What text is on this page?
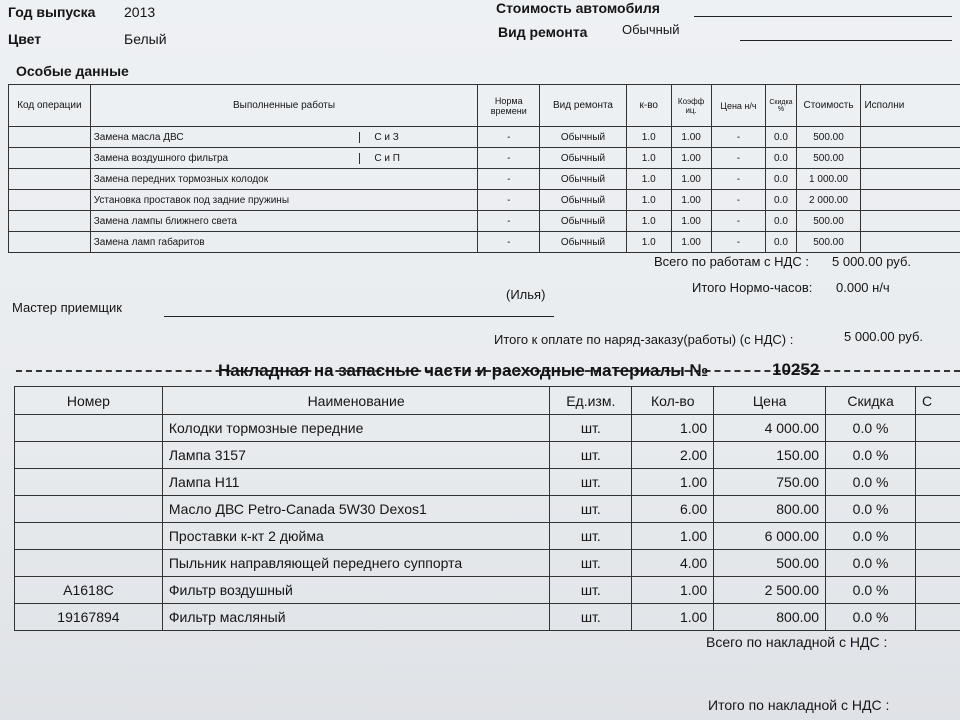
Год выпуска 2013
Цвет	Белый
Стоимость автомобиля
Вид ремонта	Обычный
Особые данные
Код операции	Выполненные работы	Норма времени	Вид ремонта	к-во	Коэфф иц.	Цена н/ч	Скидка %	Стоимость	Исполни
	Замена масла ДВС С и З	-	Обычный	1.0	1.00	-	0.0	500.00	
	Замена воздушного фильтра С и П	-	Обычный	1.0	1.00	-	0.0	500.00	
	Замена передних тормозных колодок	-	Обычный	1.0	1.00	-	0.0	1 000.00	
	Установка проставок под задние пружины	-	Обычный	1.0	1.00	-	0.0	2 000.00	
	Замена лампы ближнего света	-	Обычный	1.0	1.00	-	0.0	500.00	
	Замена ламп габаритов	-	Обычный	1.0	1.00	-	0.0	500.00	
Всего по работам с НДС : 5 000.00 руб.
Итого Нормо-часов: 0.000 н/ч
Мастер приемщик
(Илья)
Итого к оплате по наряд-заказу(работы) (с НДС) :	5 000.00 руб.
Накладная на запасные части и расходные материалы №	10252
Номер	Наименование	Ед.изм.	Кол-во	Цена	Скидка	С
	Колодки тормозные передние	шт.	1.00	4 000.00	0.0 %	
	Лампа 3157	шт.	2.00	150.00	0.0 %	
	Лампа H11	шт.	1.00	750.00	0.0 %	
	Масло ДВС Petro-Canada 5W30 Dexos1	шт.	6.00	800.00	0.0 %	
	Проставки к-кт 2 дюйма	шт.	1.00	6 000.00	0.0 %	
	Пыльник направляющей переднего суппорта	шт.	4.00	500.00	0.0 %	
A1618C	Фильтр воздушный	шт.	1.00	2 500.00	0.0 %	
19167894	Фильтр масляный	шт.	1.00	800.00	0.0 %	
Всего по накладной с НДС :
Итого по накладной с НДС :
